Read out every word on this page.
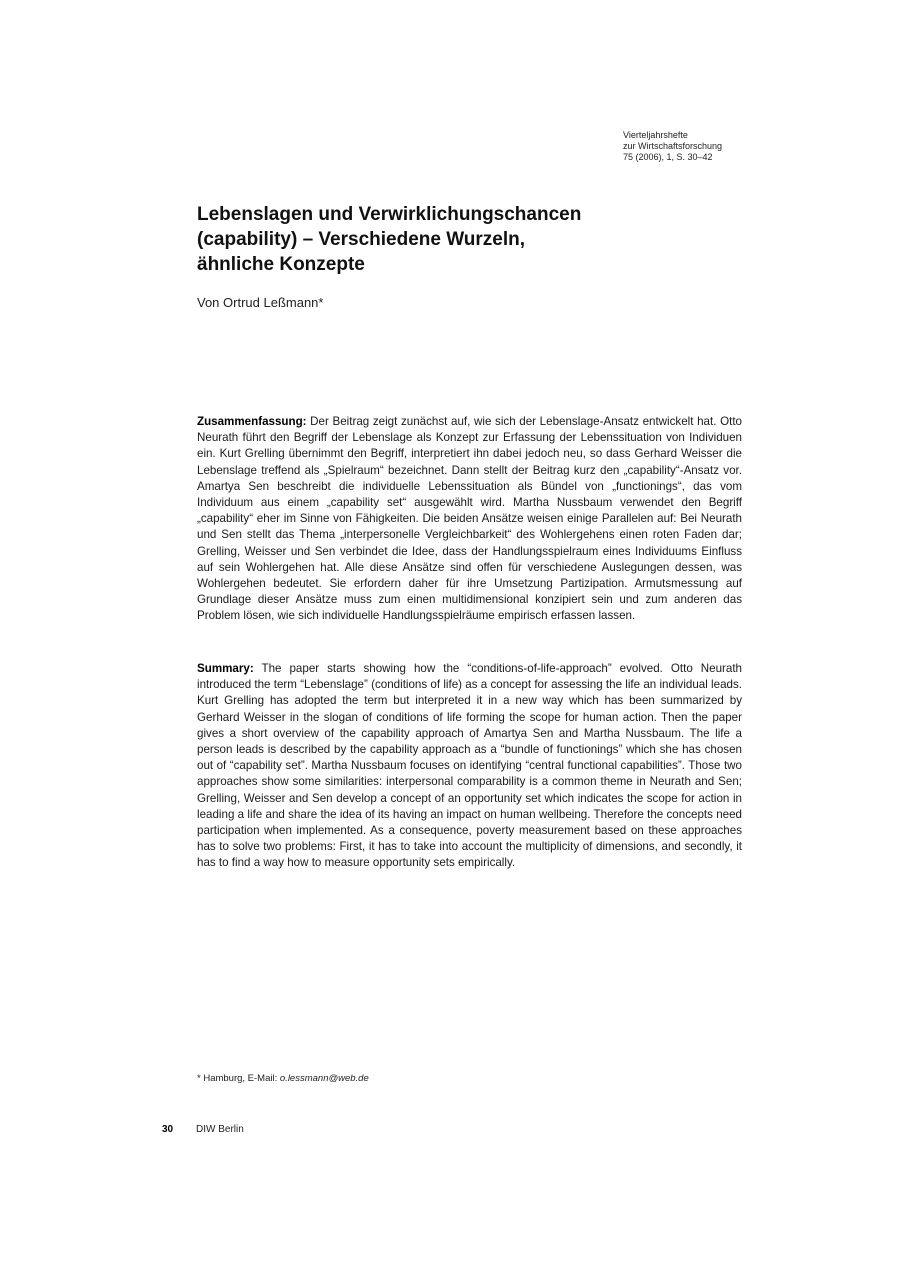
Vierteljahrshefte
zur Wirtschaftsforschung
75 (2006), 1, S. 30–42
Lebenslagen und Verwirklichungschancen
(capability) – Verschiedene Wurzeln,
ähnliche Konzepte
Von Ortrud Leßmann*

Zusammenfassung: Der Beitrag zeigt zunächst auf, wie sich der Lebenslage-Ansatz entwickelt hat. Otto Neurath führt den Begriff der Lebenslage als Konzept zur Erfassung der Lebenssituation von Individuen ein. Kurt Grelling übernimmt den Begriff, interpretiert ihn dabei jedoch neu, so dass Gerhard Weisser die Lebenslage treffend als „Spielraum“ bezeichnet. Dann stellt der Beitrag kurz den „capability“-Ansatz vor. Amartya Sen beschreibt die individuelle Lebenssituation als Bündel von „functionings“, das vom Individuum aus einem „capability set“ ausgewählt wird. Martha Nussbaum verwendet den Begriff „capability“ eher im Sinne von Fähigkeiten. Die beiden Ansätze weisen einige Parallelen auf: Bei Neurath und Sen stellt das Thema „interpersonelle Vergleichbarkeit“ des Wohlergehens einen roten Faden dar; Grelling, Weisser und Sen verbindet die Idee, dass der Handlungsspielraum eines Individuums Einfluss auf sein Wohlergehen hat. Alle diese Ansätze sind offen für verschiedene Auslegungen dessen, was Wohlergehen bedeutet. Sie erfordern daher für ihre Umsetzung Partizipation. Armutsmessung auf Grundlage dieser Ansätze muss zum einen multidimensional konzipiert sein und zum anderen das Problem lösen, wie sich individuelle Handlungsspielräume empirisch erfassen lassen.

Summary: The paper starts showing how the “conditions-of-life-approach” evolved. Otto Neurath introduced the term “Lebenslage” (conditions of life) as a concept for assessing the life an individual leads. Kurt Grelling has adopted the term but interpreted it in a new way which has been summarized by Gerhard Weisser in the slogan of conditions of life forming the scope for human action. Then the paper gives a short overview of the capability approach of Amartya Sen and Martha Nussbaum. The life a person leads is described by the capability approach as a “bundle of functionings” which she has chosen out of “capability set”. Martha Nussbaum focuses on identifying “central functional capabilities”. Those two approaches show some similarities: interpersonal comparability is a common theme in Neurath and Sen; Grelling, Weisser and Sen develop a concept of an opportunity set which indicates the scope for action in leading a life and share the idea of its having an impact on human wellbeing. Therefore the concepts need participation when implemented. As a consequence, poverty measurement based on these approaches has to solve two problems: First, it has to take into account the multiplicity of dimensions, and secondly, it has to find a way how to measure opportunity sets empirically.

* Hamburg, E-Mail: o.lessmann@web.de
30 DIW Berlin
